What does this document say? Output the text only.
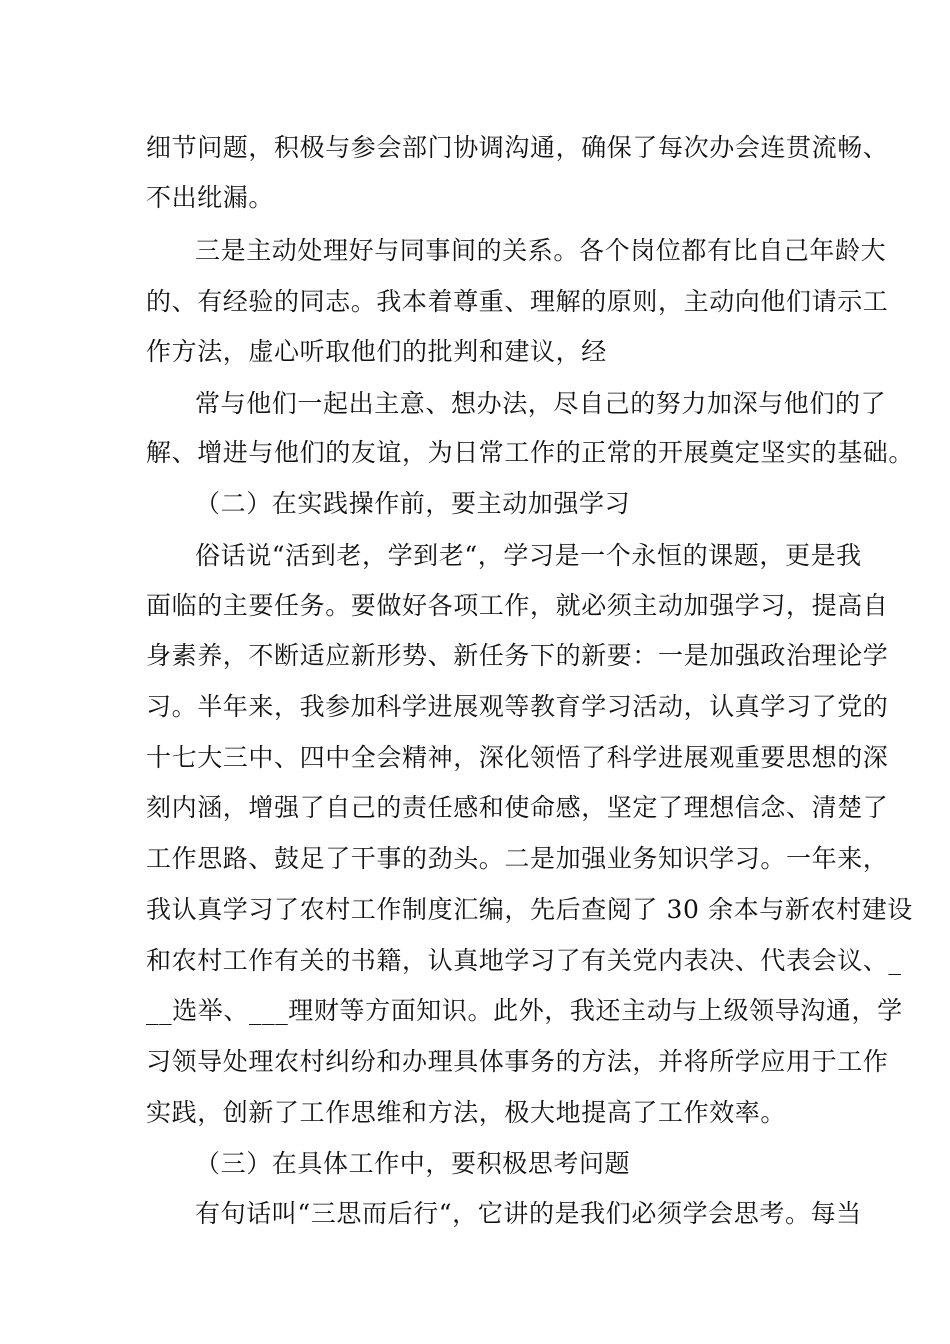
细节问题，积极与参会部门协调沟通，确保了每次办会连贯流畅、
不出纰漏。
三是主动处理好与同事间的关系。各个岗位都有比自己年龄大
的、有经验的同志。我本着尊重、理解的原则，主动向他们请示工
作方法，虚心听取他们的批判和建议，经
常与他们一起出主意、想办法，尽自己的努力加深与他们的了
解、增进与他们的友谊，为日常工作的正常的开展奠定坚实的基础。
（二）在实践操作前，要主动加强学习
俗话说“活到老，学到老“，学习是一个永恒的课题，更是我
面临的主要任务。要做好各项工作，就必须主动加强学习，提高自
身素养，不断适应新形势、新任务下的新要：一是加强政治理论学
习。半年来，我参加科学进展观等教育学习活动，认真学习了党的
十七大三中、四中全会精神，深化领悟了科学进展观重要思想的深
刻内涵，增强了自己的责任感和使命感，坚定了理想信念、清楚了
工作思路、鼓足了干事的劲头。二是加强业务知识学习。一年来，
我认真学习了农村工作制度汇编，先后查阅了 30 余本与新农村建设
和农村工作有关的书籍，认真地学习了有关党内表决、代表会议、_
__选举、___理财等方面知识。此外，我还主动与上级领导沟通，学
习领导处理农村纠纷和办理具体事务的方法，并将所学应用于工作
实践，创新了工作思维和方法，极大地提高了工作效率。
（三）在具体工作中，要积极思考问题
有句话叫“三思而后行“，它讲的是我们必须学会思考。每当
